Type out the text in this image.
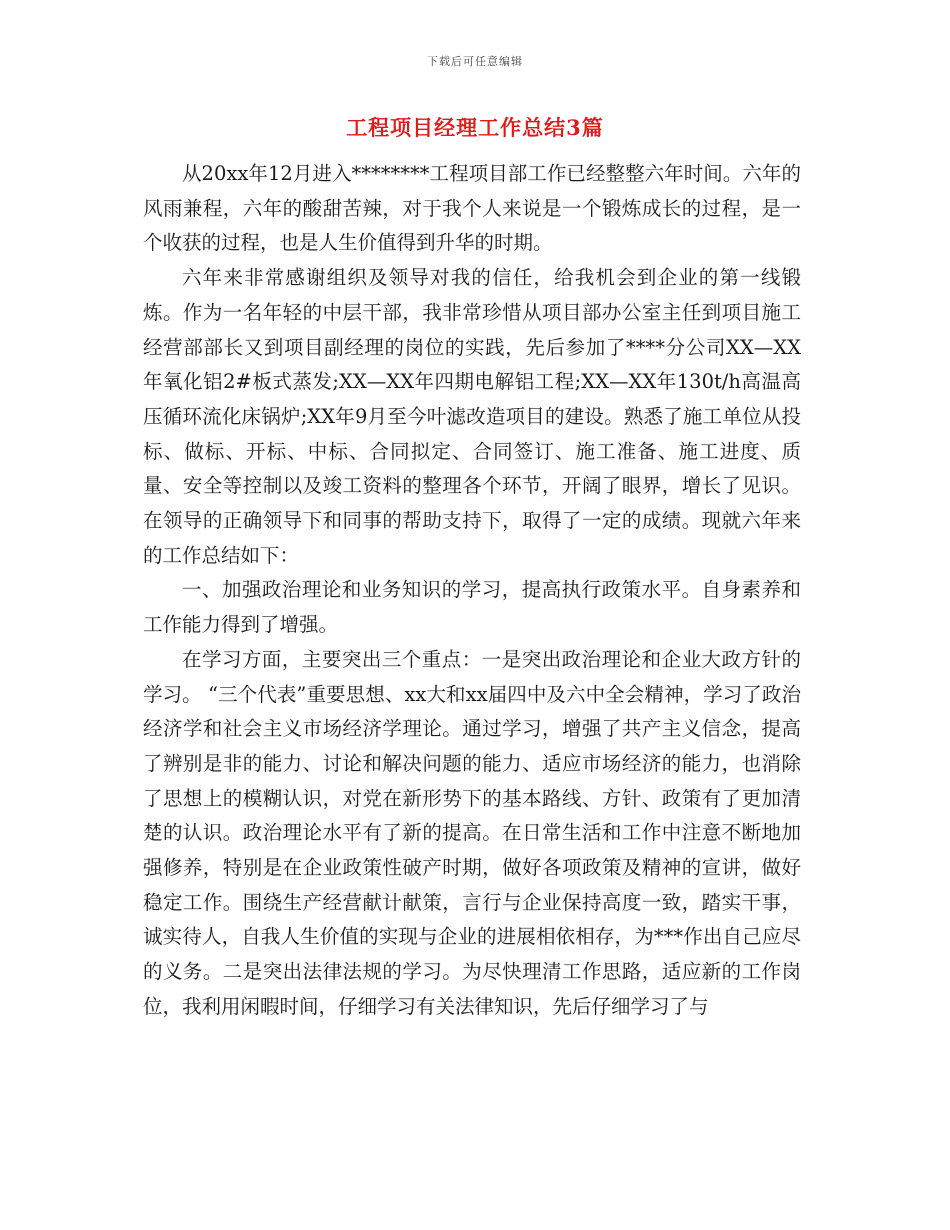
下载后可任意编辑
工程项目经理工作总结3篇

从20xx年12月进入********工程项目部工作已经整整六年时间。六年的风雨兼程，六年的酸甜苦辣，对于我个人来说是一个锻炼成长的过程，是一个收获的过程，也是人生价值得到升华的时期。

六年来非常感谢组织及领导对我的信任，给我机会到企业的第一线锻炼。作为一名年轻的中层干部，我非常珍惜从项目部办公室主任到项目施工经营部部长又到项目副经理的岗位的实践，先后参加了****分公司XX—XX年氧化铝2#板式蒸发;XX—XX年四期电解铝工程;XX—XX年130t/h高温高压循环流化床锅炉;XX年9月至今叶滤改造项目的建设。熟悉了施工单位从投标、做标、开标、中标、合同拟定、合同签订、施工准备、施工进度、质量、安全等控制以及竣工资料的整理各个环节，开阔了眼界，增长了见识。在领导的正确领导下和同事的帮助支持下，取得了一定的成绩。现就六年来的工作总结如下：

一、加强政治理论和业务知识的学习，提高执行政策水平。自身素养和工作能力得到了增强。

在学习方面，主要突出三个重点：一是突出政治理论和企业大政方针的学习。 “三个代表”重要思想、xx大和xx届四中及六中全会精神，学习了政治经济学和社会主义市场经济学理论。通过学习，增强了共产主义信念，提高了辨别是非的能力、讨论和解决问题的能力、适应市场经济的能力，也消除了思想上的模糊认识，对党在新形势下的基本路线、方针、政策有了更加清楚的认识。政治理论水平有了新的提高。在日常生活和工作中注意不断地加强修养，特别是在企业政策性破产时期，做好各项政策及精神的宣讲，做好稳定工作。围绕生产经营献计献策，言行与企业保持高度一致，踏实干事，诚实待人，自我人生价值的实现与企业的进展相依相存，为***作出自己应尽的义务。二是突出法律法规的学习。为尽快理清工作思路，适应新的工作岗位，我利用闲暇时间，仔细学习有关法律知识，先后仔细学习了与
